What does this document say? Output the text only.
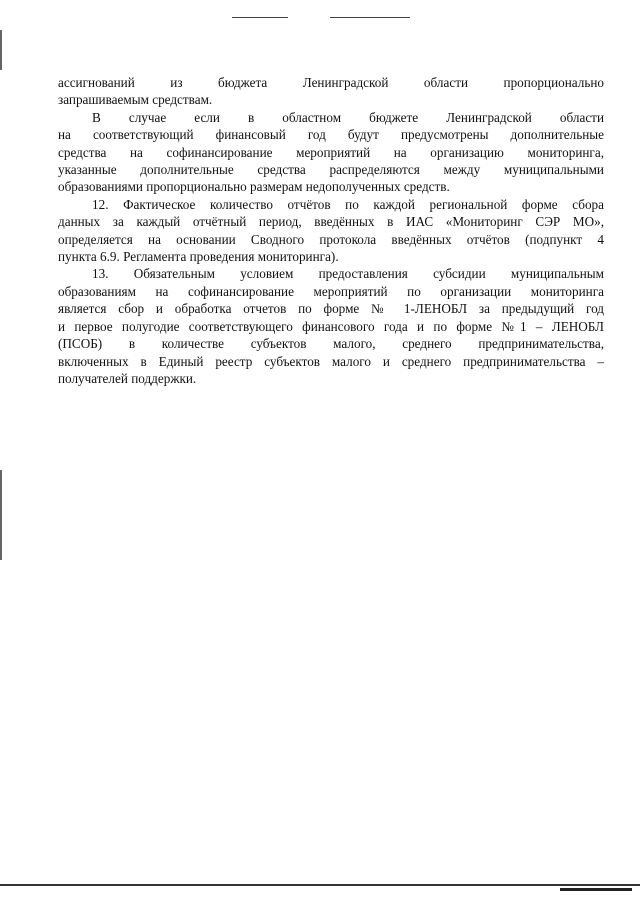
ассигнований из бюджета Ленинградской области пропорционально
запрашиваемым средствам.

В случае если в областном бюджете Ленинградской области
на соответствующий финансовый год будут предусмотрены дополнительные
средства на софинансирование мероприятий на организацию мониторинга,
указанные дополнительные средства распределяются между муниципальными
образованиями пропорционально размерам недополученных средств.

12. Фактическое количество отчётов по каждой региональной форме сбора
данных за каждый отчётный период, введённых в ИАС «Мониторинг СЭР МО»,
определяется на основании Сводного протокола введённых отчётов (подпункт 4
пункта 6.9. Регламента проведения мониторинга).

13. Обязательным условием предоставления субсидии муниципальным
образованиям на софинансирование мероприятий по организации мониторинга
является сбор и обработка отчетов по форме № 1-ЛЕНОБЛ за предыдущий год
и первое полугодие соответствующего финансового года и по форме №1 – ЛЕНОБЛ
(ПСОБ) в количестве субъектов малого, среднего предпринимательства,
включенных в Единый реестр субъектов малого и среднего предпринимательства –
получателей поддержки.
